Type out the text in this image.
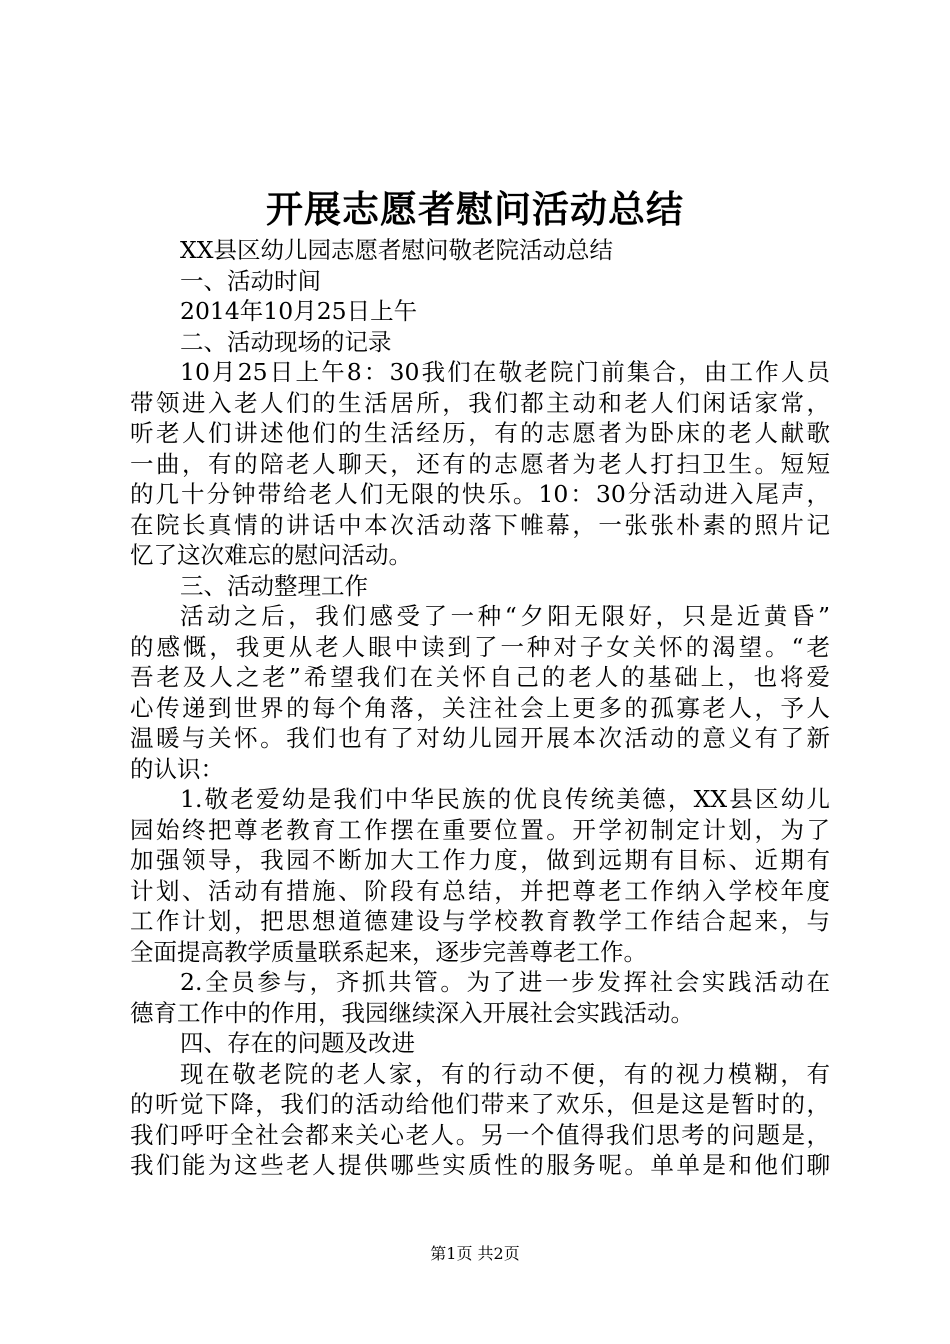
开展志愿者慰问活动总结
XX县区幼儿园志愿者慰问敬老院活动总结
一、活动时间
2014年10月25日上午
二、活动现场的记录
10月25日上午8：30我们在敬老院门前集合，由工作人员
带领进入老人们的生活居所，我们都主动和老人们闲话家常，
听老人们讲述他们的生活经历，有的志愿者为卧床的老人献歌
一曲，有的陪老人聊天，还有的志愿者为老人打扫卫生。短短
的几十分钟带给老人们无限的快乐。10：30分活动进入尾声，
在院长真情的讲话中本次活动落下帷幕，一张张朴素的照片记
忆了这次难忘的慰问活动。
三、活动整理工作
活动之后，我们感受了一种“夕阳无限好，只是近黄昏”
的感慨，我更从老人眼中读到了一种对子女关怀的渴望。“老
吾老及人之老”希望我们在关怀自己的老人的基础上，也将爱
心传递到世界的每个角落，关注社会上更多的孤寡老人，予人
温暖与关怀。我们也有了对幼儿园开展本次活动的意义有了新
的认识：
1.敬老爱幼是我们中华民族的优良传统美德，XX县区幼儿
园始终把尊老教育工作摆在重要位置。开学初制定计划，为了
加强领导，我园不断加大工作力度，做到远期有目标、近期有
计划、活动有措施、阶段有总结，并把尊老工作纳入学校年度
工作计划，把思想道德建设与学校教育教学工作结合起来，与
全面提高教学质量联系起来，逐步完善尊老工作。
2.全员参与，齐抓共管。为了进一步发挥社会实践活动在
德育工作中的作用，我园继续深入开展社会实践活动。
四、存在的问题及改进
现在敬老院的老人家，有的行动不便，有的视力模糊，有
的听觉下降，我们的活动给他们带来了欢乐，但是这是暂时的，
我们呼吁全社会都来关心老人。另一个值得我们思考的问题是，
我们能为这些老人提供哪些实质性的服务呢。单单是和他们聊
第1页 共2页
